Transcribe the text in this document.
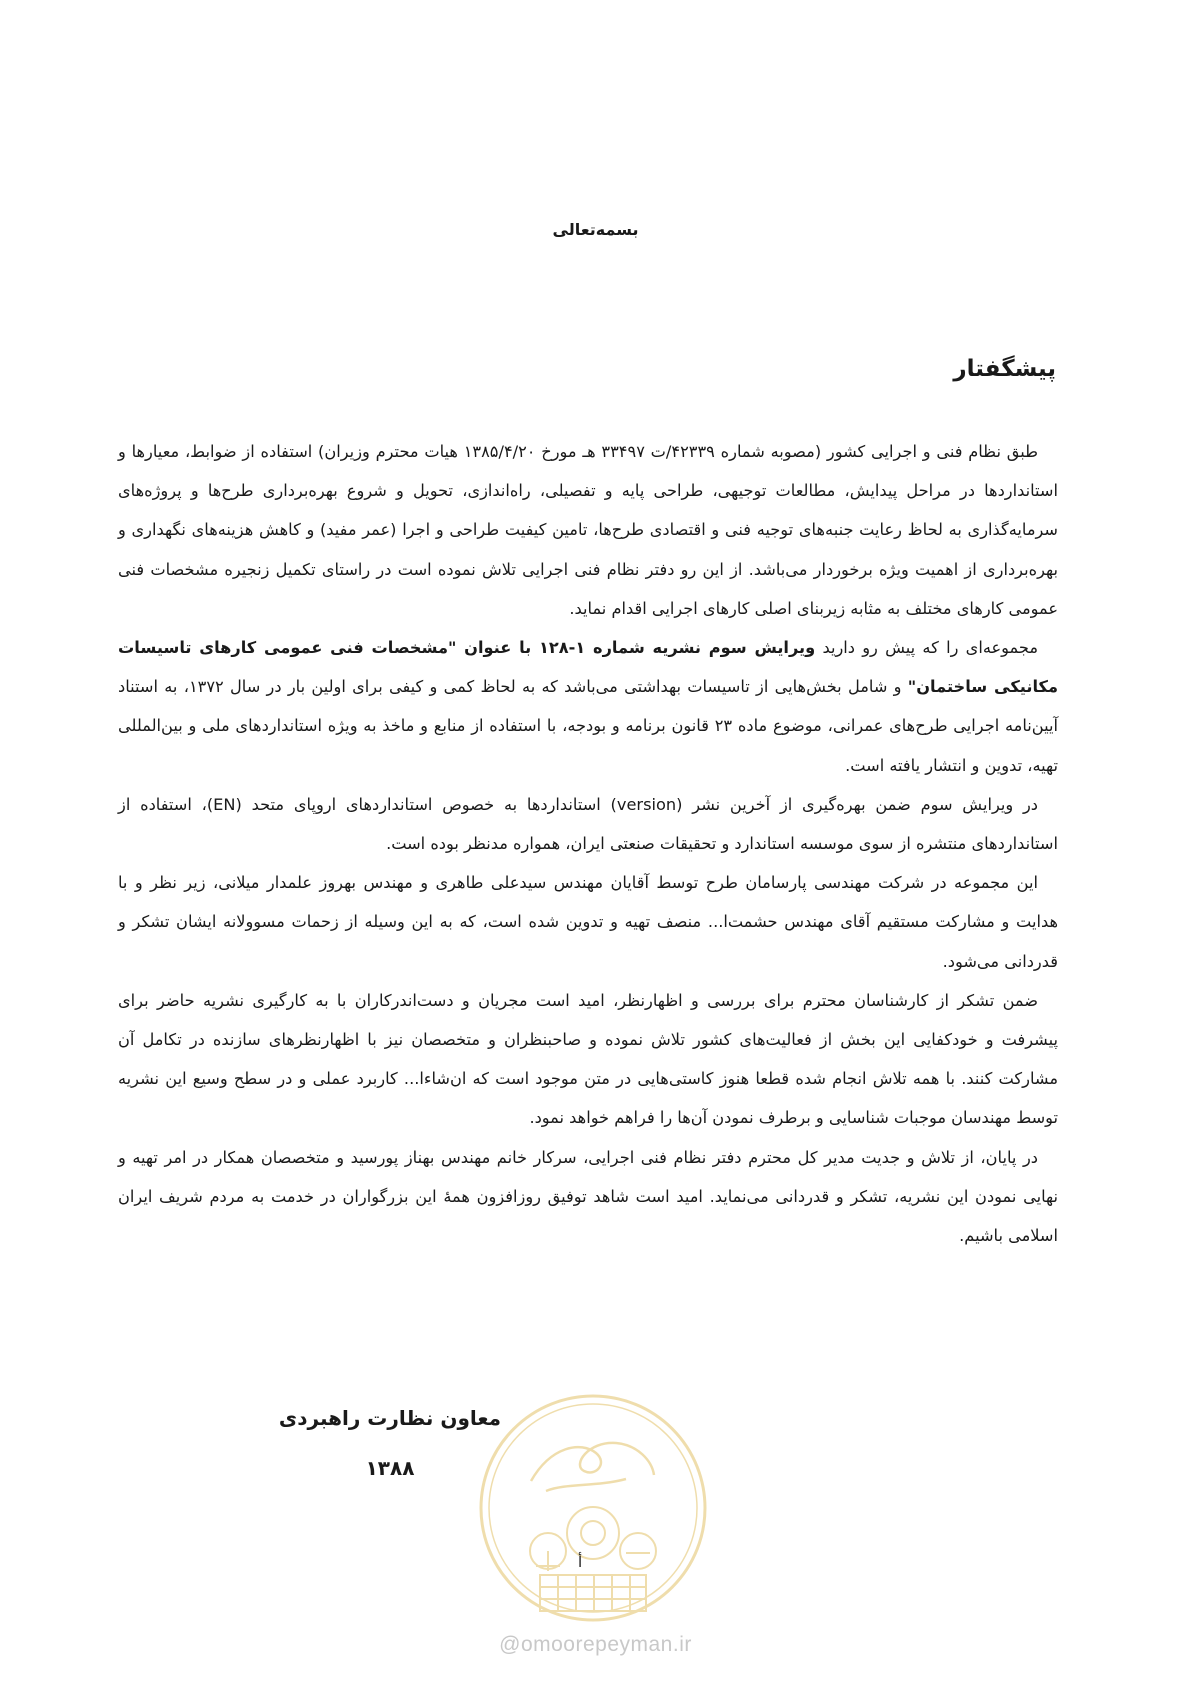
بسمه‌تعالی
پیشگفتار

طبق نظام فنی و اجرایی کشور (مصوبه شماره ۴۲۳۳۹/ت ۳۳۴۹۷ هـ مورخ ۱۳۸۵/۴/۲۰ هیات محترم وزیران) استفاده از ضوابط، معیارها و استانداردها در مراحل پیدایش، مطالعات توجیهی، طراحی پایه و تفصیلی، راه‌اندازی، تحویل و شروع بهره‌برداری طرح‌ها و پروژه‌های سرمایه‌گذاری به لحاظ رعایت جنبه‌های توجیه فنی و اقتصادی طرح‌ها، تامین کیفیت طراحی و اجرا (عمر مفید) و کاهش هزینه‌های نگهداری و بهره‌برداری از اهمیت ویژه برخوردار می‌باشد. از این رو دفتر نظام فنی اجرایی تلاش نموده است در راستای تکمیل زنجیره مشخصات فنی عمومی کارهای مختلف به مثابه زیربنای اصلی کارهای اجرایی اقدام نماید.

مجموعه‌ای را که پیش رو دارید ویرایش سوم نشریه شماره ۱-۱۲۸ با عنوان "مشخصات فنی عمومی کارهای تاسیسات مکانیکی ساختمان" و شامل بخش‌هایی از تاسیسات بهداشتی می‌باشد که به لحاظ کمی و کیفی برای اولین بار در سال ۱۳۷۲، به استناد آیین‌نامه اجرایی طرح‌های عمرانی، موضوع ماده ۲۳ قانون برنامه و بودجه، با استفاده از منابع و ماخذ به ویژه استانداردهای ملی و بین‌المللی تهیه، تدوین و انتشار یافته است.

در ویرایش سوم ضمن بهره‌گیری از آخرین نشر (version) استانداردها به خصوص استانداردهای اروپای متحد (EN)، استفاده از استانداردهای منتشره از سوی موسسه استاندارد و تحقیقات صنعتی ایران، همواره مدنظر بوده است.

این مجموعه در شرکت مهندسی پارسامان طرح توسط آقایان مهندس سیدعلی طاهری و مهندس بهروز علمدار میلانی، زیر نظر و با هدایت و مشارکت مستقیم آقای مهندس حشمت‌ا... منصف تهیه و تدوین شده است، که به این وسیله از زحمات مسوولانه ایشان تشکر و قدردانی می‌شود.

ضمن تشکر از کارشناسان محترم برای بررسی و اظهارنظر، امید است مجریان و دست‌اندرکاران با به کارگیری نشریه حاضر برای پیشرفت و خودکفایی این بخش از فعالیت‌های کشور تلاش نموده و صاحبنظران و متخصصان نیز با اظهارنظرهای سازنده در تکامل آن مشارکت کنند. با همه تلاش انجام شده قطعا هنوز کاستی‌هایی در متن موجود است که ان‌شاءا... کاربرد عملی و در سطح وسیع این نشریه توسط مهندسان موجبات شناسایی و برطرف نمودن آن‌ها را فراهم خواهد نمود.

در پایان، از تلاش و جدیت مدیر کل محترم دفتر نظام فنی اجرایی، سرکار خانم مهندس بهناز پورسید و متخصصان همکار در امر تهیه و نهایی نمودن این نشریه، تشکر و قدردانی می‌نماید. امید است شاهد توفیق روزافزون همهٔ این بزرگواران در خدمت به مردم شریف ایران اسلامی باشیم.

معاون نظارت راهبردی
۱۳۸۸
أ
@omoorepeyman.ir
